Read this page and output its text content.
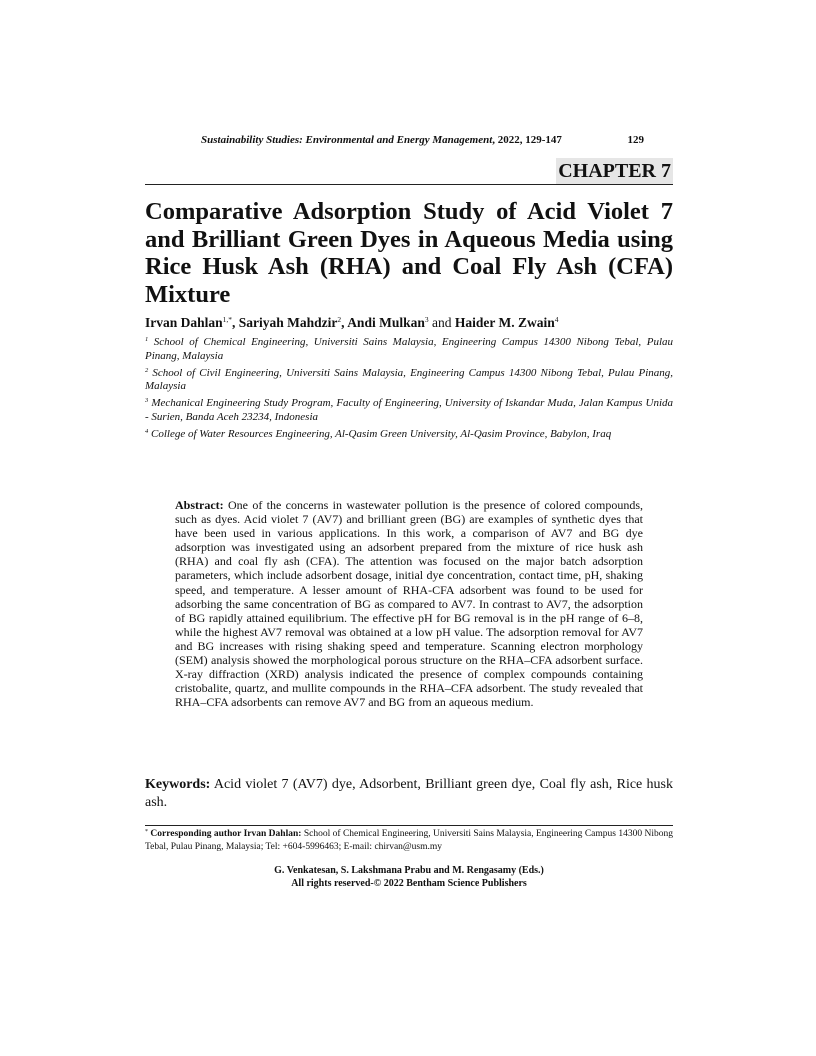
Sustainability Studies: Environmental and Energy Management, 2022, 129-147	129
CHAPTER 7
Comparative Adsorption Study of Acid Violet 7 and Brilliant Green Dyes in Aqueous Media using Rice Husk Ash (RHA) and Coal Fly Ash (CFA) Mixture
Irvan Dahlan$^{1,*}$, Sariyah Mahdzir$^2$, Andi Mulkan$^3$ and Haider M. Zwain$^4$

$^1$ School of Chemical Engineering, Universiti Sains Malaysia, Engineering Campus 14300 Nibong Tebal, Pulau Pinang, Malaysia

$^2$ School of Civil Engineering, Universiti Sains Malaysia, Engineering Campus 14300 Nibong Tebal, Pulau Pinang, Malaysia

$^3$ Mechanical Engineering Study Program, Faculty of Engineering, University of Iskandar Muda, Jalan Kampus Unida - Surien, Banda Aceh 23234, Indonesia

$^4$ College of Water Resources Engineering, Al-Qasim Green University, Al-Qasim Province, Babylon, Iraq

Abstract: One of the concerns in wastewater pollution is the presence of colored compounds, such as dyes. Acid violet 7 (AV7) and brilliant green (BG) are examples of synthetic dyes that have been used in various applications. In this work, a comparison of AV7 and BG dye adsorption was investigated using an adsorbent prepared from the mixture of rice husk ash (RHA) and coal fly ash (CFA). The attention was focused on the major batch adsorption parameters, which include adsorbent dosage, initial dye concentration, contact time, pH, shaking speed, and temperature. A lesser amount of RHA-CFA adsorbent was found to be used for adsorbing the same concentration of BG as compared to AV7. In contrast to AV7, the adsorption of BG rapidly attained equilibrium. The effective pH for BG removal is in the pH range of 6–8, while the highest AV7 removal was obtained at a low pH value. The adsorption removal for AV7 and BG increases with rising shaking speed and temperature. Scanning electron morphology (SEM) analysis showed the morphological porous structure on the RHA–CFA adsorbent surface. X-ray diffraction (XRD) analysis indicated the presence of complex compounds containing cristobalite, quartz, and mullite compounds in the RHA–CFA adsorbent. The study revealed that RHA–CFA adsorbents can remove AV7 and BG from an aqueous medium.

Keywords: Acid violet 7 (AV7) dye, Adsorbent, Brilliant green dye, Coal fly ash, Rice husk ash.

* Corresponding author Irvan Dahlan: School of Chemical Engineering, Universiti Sains Malaysia, Engineering Campus 14300 Nibong Tebal, Pulau Pinang, Malaysia; Tel: +604-5996463; E-mail: chirvan@usm.my

G. Venkatesan, S. Lakshmana Prabu and M. Rengasamy (Eds.)
All rights reserved-© 2022 Bentham Science Publishers
